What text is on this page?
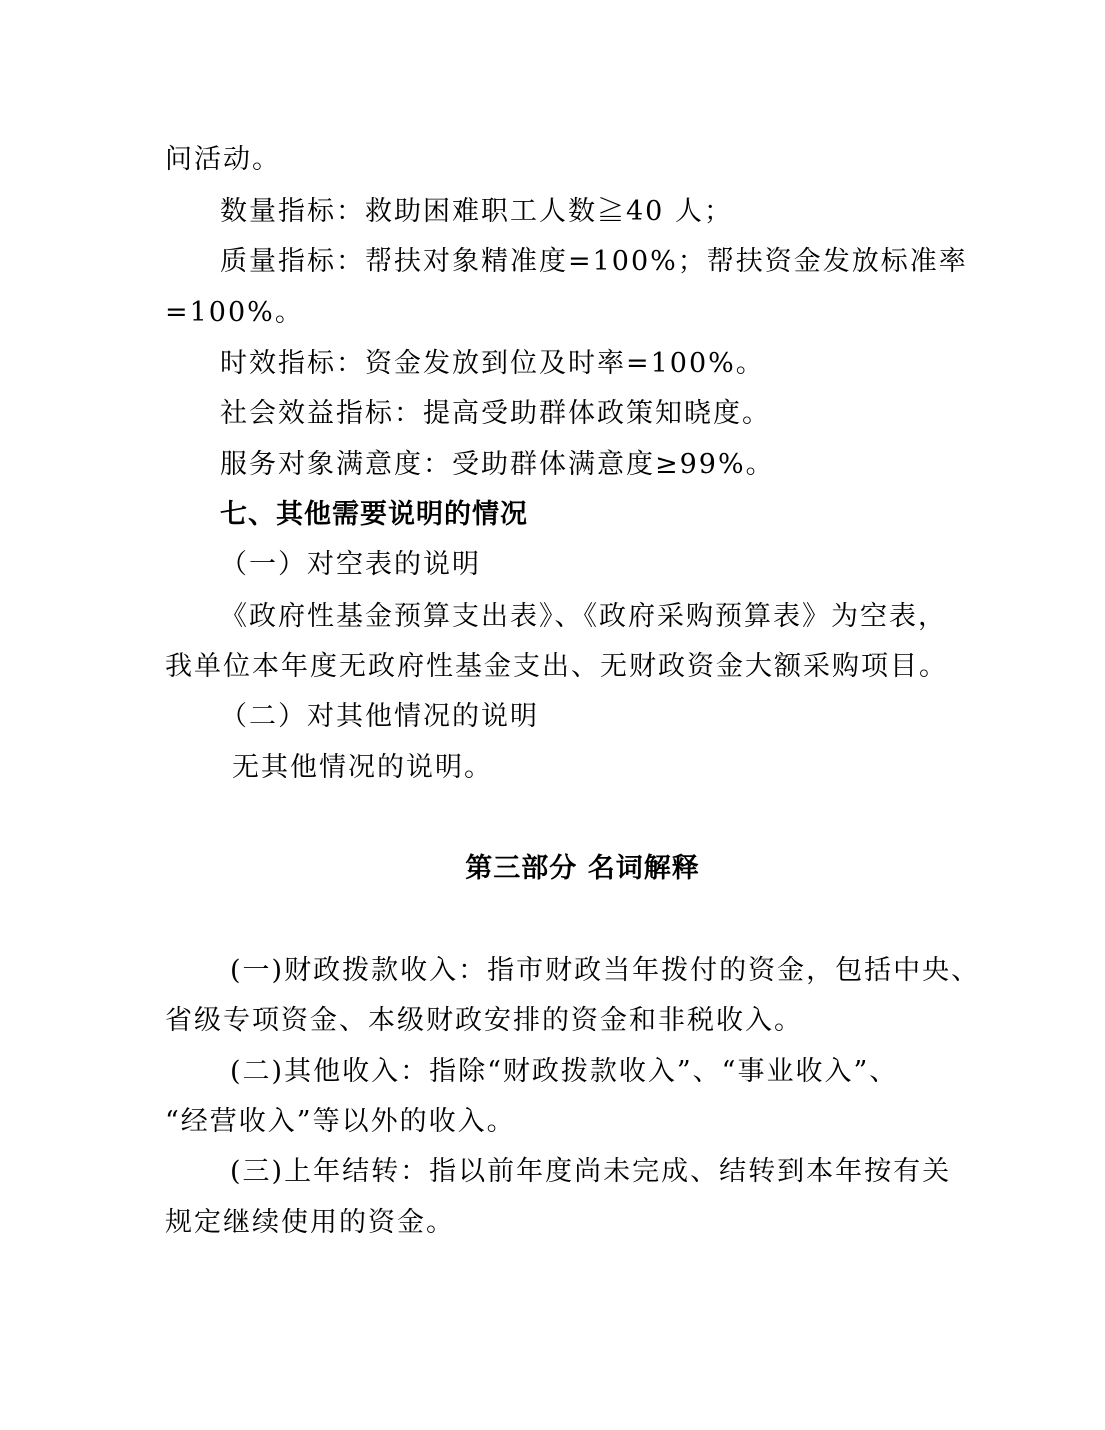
问活动。
数量指标：救助困难职工人数≧40 人；
质量指标：帮扶对象精准度=100%；帮扶资金发放标准率
=100%。
时效指标：资金发放到位及时率=100%。
社会效益指标：提高受助群体政策知晓度。
服务对象满意度：受助群体满意度≥99%。
七、其他需要说明的情况
（一）对空表的说明
《政府性基金预算支出表》、《政府采购预算表》为空表，
我单位本年度无政府性基金支出、无财政资金大额采购项目。
（二）对其他情况的说明
无其他情况的说明。
第三部分 名词解释
(一)财政拨款收入：指市财政当年拨付的资金，包括中央、
省级专项资金、本级财政安排的资金和非税收入。
(二)其他收入：指除“财政拨款收入”、“事业收入”、
“经营收入”等以外的收入。
(三)上年结转：指以前年度尚未完成、结转到本年按有关
规定继续使用的资金。
